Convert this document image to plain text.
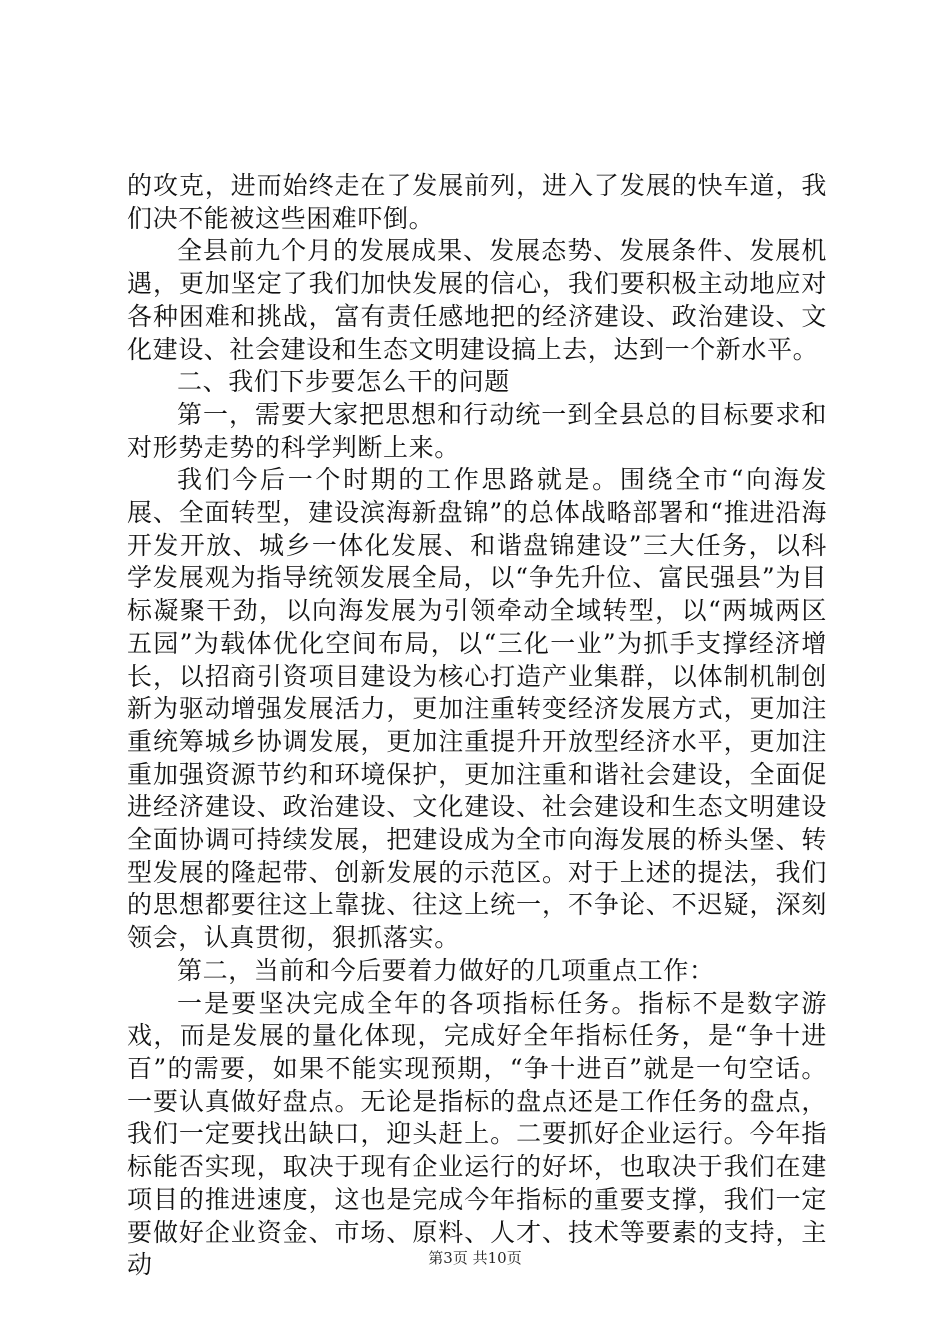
的攻克，进而始终走在了发展前列，进入了发展的快车道，我们决不能被这些困难吓倒。

全县前九个月的发展成果、发展态势、发展条件、发展机遇，更加坚定了我们加快发展的信心，我们要积极主动地应对各种困难和挑战，富有责任感地把的经济建设、政治建设、文化建设、社会建设和生态文明建设搞上去，达到一个新水平。

二、我们下步要怎么干的问题

第一，需要大家把思想和行动统一到全县总的目标要求和对形势走势的科学判断上来。

我们今后一个时期的工作思路就是。围绕全市“向海发展、全面转型，建设滨海新盘锦”的总体战略部署和“推进沿海开发开放、城乡一体化发展、和谐盘锦建设”三大任务，以科学发展观为指导统领发展全局，以“争先升位、富民强县”为目标凝聚干劲，以向海发展为引领牵动全域转型，以“两城两区五园”为载体优化空间布局，以“三化一业”为抓手支撑经济增长，以招商引资项目建设为核心打造产业集群，以体制机制创新为驱动增强发展活力，更加注重转变经济发展方式，更加注重统筹城乡协调发展，更加注重提升开放型经济水平，更加注重加强资源节约和环境保护，更加注重和谐社会建设，全面促进经济建设、政治建设、文化建设、社会建设和生态文明建设全面协调可持续发展，把建设成为全市向海发展的桥头堡、转型发展的隆起带、创新发展的示范区。对于上述的提法，我们的思想都要往这上靠拢、往这上统一，不争论、不迟疑，深刻领会，认真贯彻，狠抓落实。

第二，当前和今后要着力做好的几项重点工作：

一是要坚决完成全年的各项指标任务。指标不是数字游戏，而是发展的量化体现，完成好全年指标任务，是“争十进百”的需要，如果不能实现预期，“争十进百”就是一句空话。一要认真做好盘点。无论是指标的盘点还是工作任务的盘点，我们一定要找出缺口，迎头赶上。二要抓好企业运行。今年指标能否实现，取决于现有企业运行的好坏，也取决于我们在建项目的推进速度，这也是完成今年指标的重要支撑，我们一定要做好企业资金、市场、原料、人才、技术等要素的支持，主动	第3页 共10页
